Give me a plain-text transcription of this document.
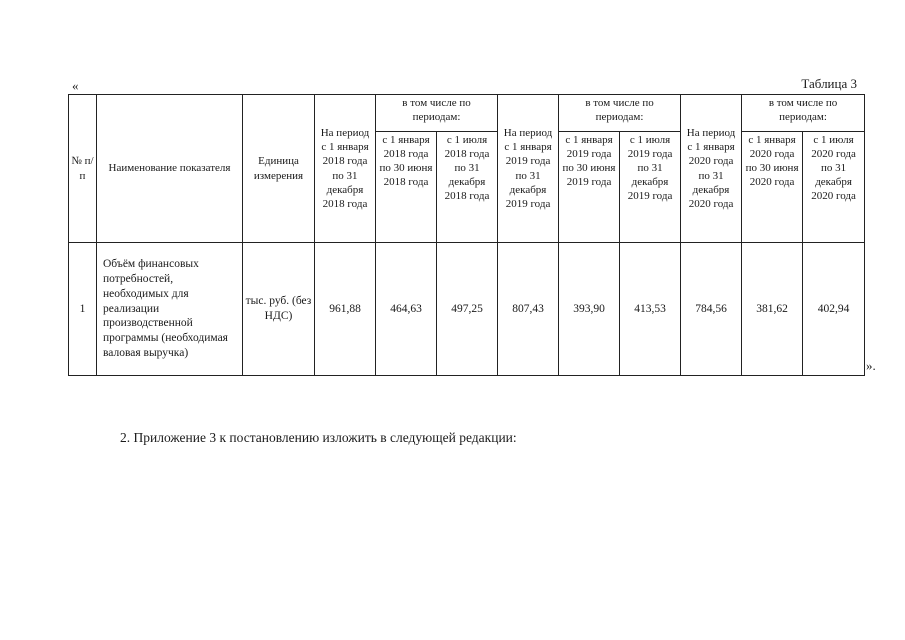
«	Таблица 3
№ п/п	Наименование показателя	Единица измерения	На период с 1 января 2018 года по 31 декабря 2018 года	в том числе по периодам:		На период с 1 января 2019 года по 31 декабря 2019 года	в том числе по периодам:		На период с 1 января 2020 года по 31 декабря 2020 года	в том числе по периодам:	
				с 1 января 2018 года по 30 июня 2018 года	с 1 июля 2018 года по 31 декабря 2018 года		с 1 января 2019 года по 30 июня 2019 года	с 1 июля 2019 года по 31 декабря 2019 года		с 1 января 2020 года по 30 июня 2020 года	с 1 июля 2020 года по 31 декабря 2020 года
1	Объём финансовых потребностей, необходимых для реализации производственной программы (необходимая валовая выручка)	тыс. руб. (без НДС)	961,88	464,63	497,25	807,43	393,90	413,53	784,56	381,62	402,94
».

2. Приложение 3 к постановлению изложить в следующей редакции:
